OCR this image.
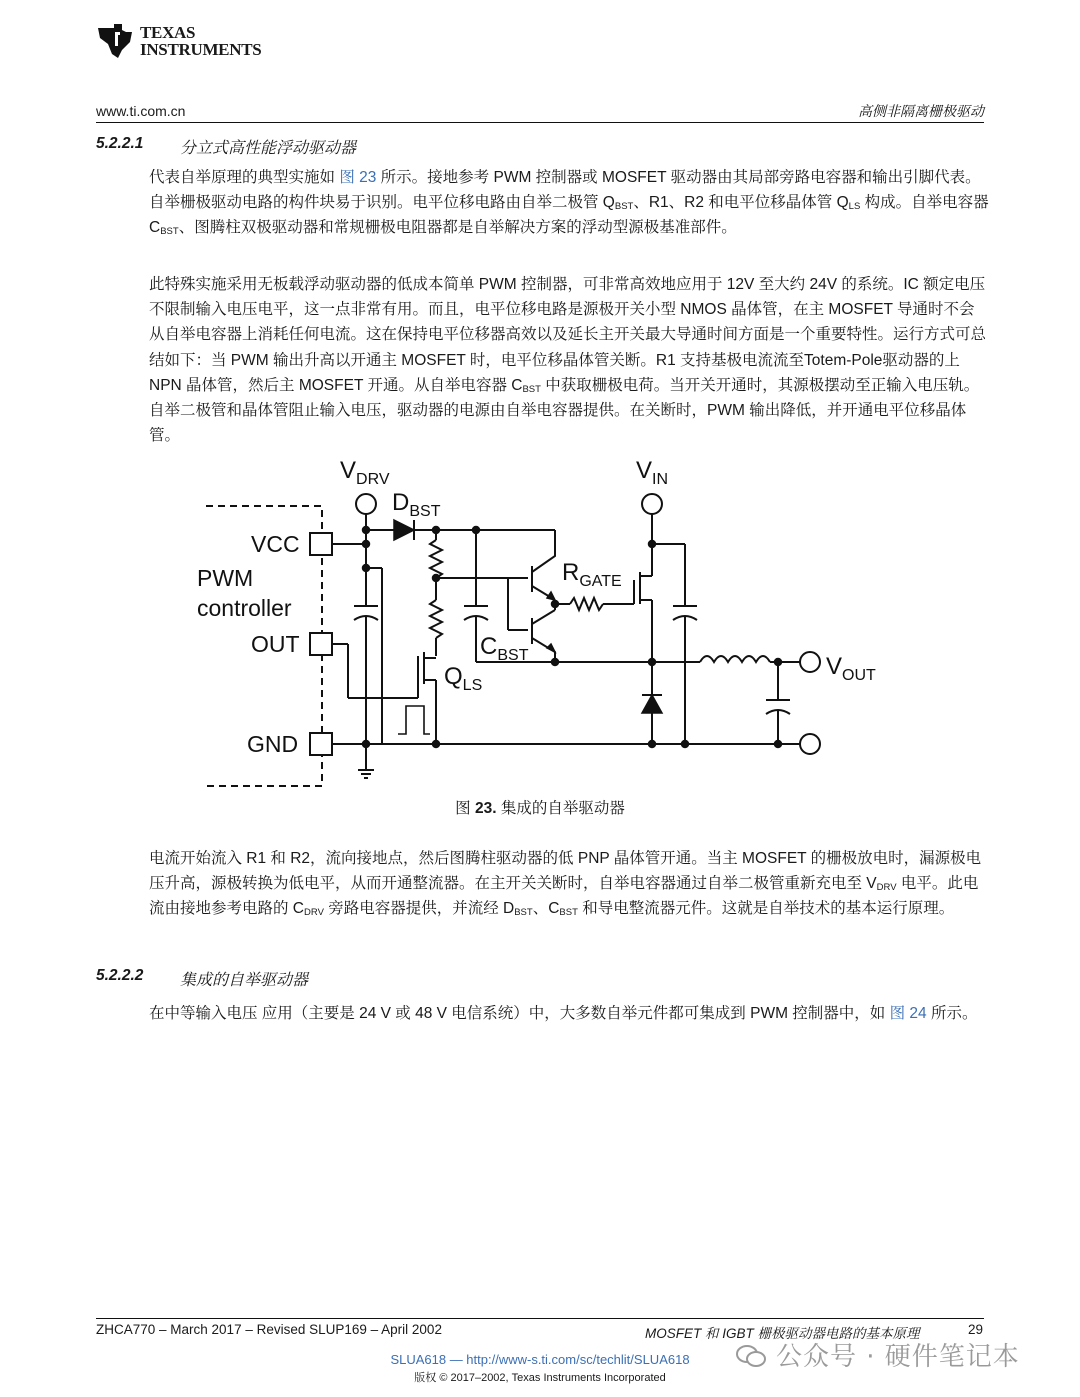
TEXAS
INSTRUMENTS
www.ti.com.cn	高侧非隔离栅极驱动
5.2.2.1 分立式高性能浮动驱动器

代表自举原理的典型实施如 图 23 所示。接地参考 PWM 控制器或 MOSFET 驱动器由其局部旁路电容器和输出引脚代表。自举栅极驱动电路的构件块易于识别。电平位移电路由自举二极管 $Q_{BST}$、R1、R2 和电平位移晶体管 $Q_{LS}$ 构成。自举电容器 $C_{BST}$、图腾柱双极驱动器和常规栅极电阻器都是自举解决方案的浮动型源极基准部件。

此特殊实施采用无板载浮动驱动器的低成本简单 PWM 控制器，可非常高效地应用于 12V 至大约 24V 的系统。IC 额定电压不限制输入电压电平，这一点非常有用。而且，电平位移电路是源极开关小型 NMOS 晶体管，在主 MOSFET 导通时不会从自举电容器上消耗任何电流。这在保持电平位移器高效以及延长主开关最大导通时间方面是一个重要特性。运行方式可总结如下：当 PWM 输出升高以开通主 MOSFET 时，电平位移晶体管关断。R1 支持基极电流流至Totem-Pole驱动器的上 NPN 晶体管，然后主 MOSFET 开通。从自举电容器 $C_{BST}$ 中获取栅极电荷。当开关开通时，其源极摆动至正输入电压轨。自举二极管和晶体管阻止输入电压，驱动器的电源由自举电容器提供。在关断时，PWM 输出降低，并开通电平位移晶体管。

$V_{DRV}$
$D_{BST}$
$V_{IN}$
VCC
PWM
controller
OUT
GND
$R_{GATE}$
$C_{BST}$
$Q_{LS}$
$V_{OUT}$
图 23. 集成的自举驱动器

电流开始流入 R1 和 R2，流向接地点，然后图腾柱驱动器的低 PNP 晶体管开通。当主 MOSFET 的栅极放电时，漏源极电压升高，源极转换为低电平，从而开通整流器。在主开关关断时，自举电容器通过自举二极管重新充电至 $V_{DRV}$ 电平。此电流由接地参考电路的 $C_{DRV}$ 旁路电容器提供，并流经 $D_{BST}$、$C_{BST}$ 和导电整流器元件。这就是自举技术的基本运行原理。

5.2.2.2 集成的自举驱动器

在中等输入电压 应用（主要是 24 V 或 48 V 电信系统）中，大多数自举元件都可集成到 PWM 控制器中，如 图 24 所示。

ZHCA770 – March 2017 – Revised SLUP169 – April 2002	MOSFET 和 IGBT 栅极驱动器电路的基本原理	29
SLUA618 — http://www-s.ti.com/sc/techlit/SLUA618
版权 © 2017–2002, Texas Instruments Incorporated
公众号 · 硬件笔记本
